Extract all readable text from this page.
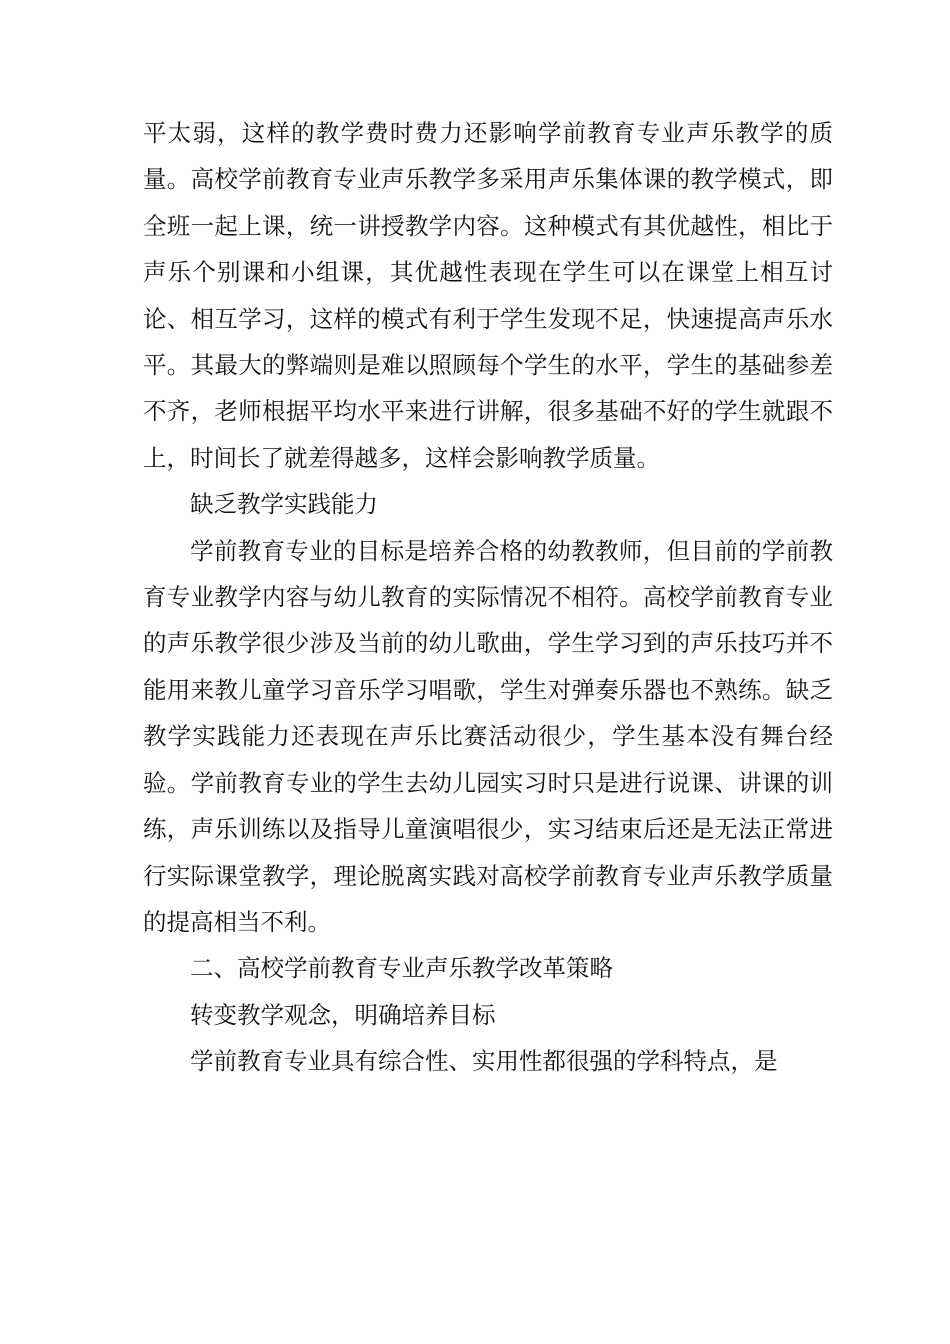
平太弱，这样的教学费时费力还影响学前教育专业声乐教学的质量。高校学前教育专业声乐教学多采用声乐集体课的教学模式，即全班一起上课，统一讲授教学内容。这种模式有其优越性，相比于声乐个别课和小组课，其优越性表现在学生可以在课堂上相互讨论、相互学习，这样的模式有利于学生发现不足，快速提高声乐水平。其最大的弊端则是难以照顾每个学生的水平，学生的基础参差不齐，老师根据平均水平来进行讲解，很多基础不好的学生就跟不上，时间长了就差得越多，这样会影响教学质量。

缺乏教学实践能力

学前教育专业的目标是培养合格的幼教教师，但目前的学前教育专业教学内容与幼儿教育的实际情况不相符。高校学前教育专业的声乐教学很少涉及当前的幼儿歌曲，学生学习到的声乐技巧并不能用来教儿童学习音乐学习唱歌，学生对弹奏乐器也不熟练。缺乏教学实践能力还表现在声乐比赛活动很少，学生基本没有舞台经验。学前教育专业的学生去幼儿园实习时只是进行说课、讲课的训练，声乐训练以及指导儿童演唱很少，实习结束后还是无法正常进行实际课堂教学，理论脱离实践对高校学前教育专业声乐教学质量的提高相当不利。

二、高校学前教育专业声乐教学改革策略

转变教学观念，明确培养目标

学前教育专业具有综合性、实用性都很强的学科特点，是
